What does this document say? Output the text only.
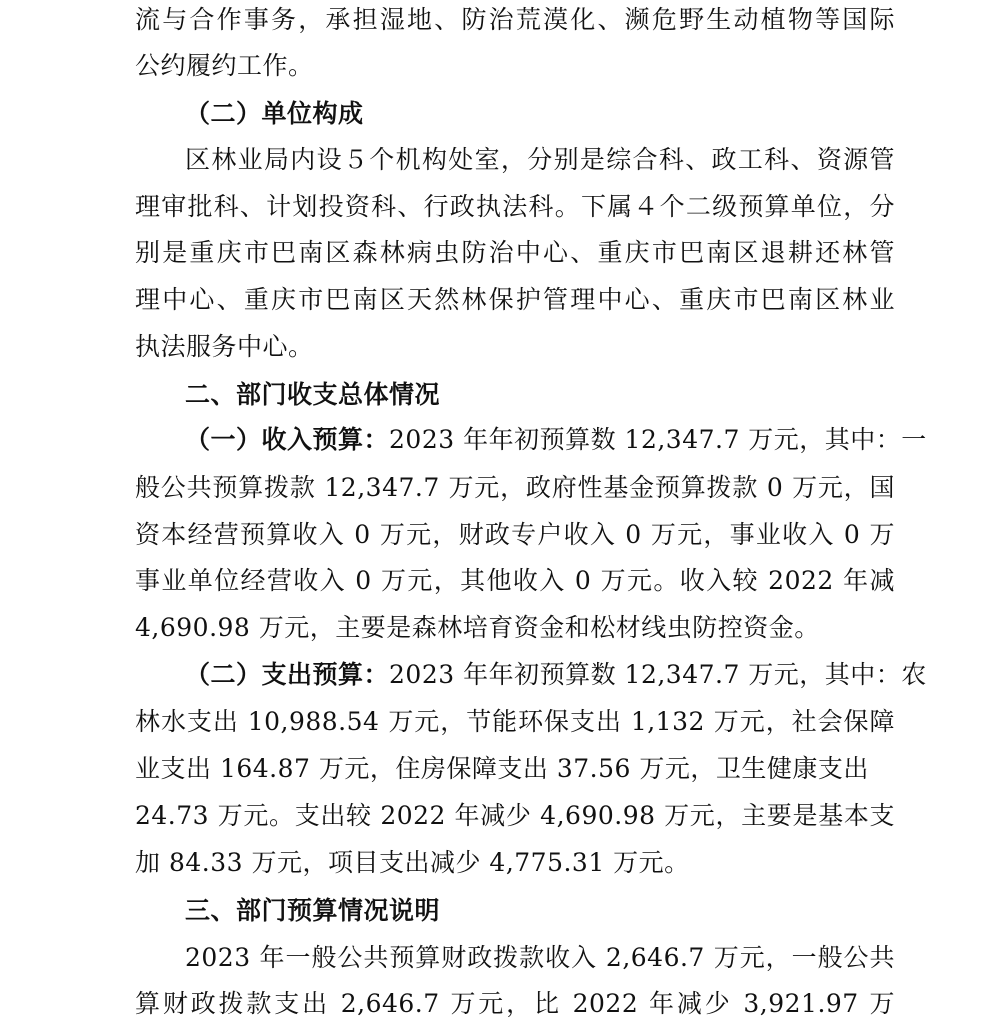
流与合作事务，承担湿地、防治荒漠化、濒危野生动植物等国际
公约履约工作。
（二）单位构成
区林业局内设５个机构处室，分别是综合科、政工科、资源管
理审批科、计划投资科、行政执法科。下属４个二级预算单位，分
别是重庆市巴南区森林病虫防治中心、重庆市巴南区退耕还林管
理中心、重庆市巴南区天然林保护管理中心、重庆市巴南区林业
执法服务中心。
二、部门收支总体情况
（一）收入预算：2023 年年初预算数 12,347.7 万元，其中：一
般公共预算拨款 12,347.7 万元，政府性基金预算拨款 0 万元，国
资本经营预算收入 0 万元，财政专户收入 0 万元，事业收入 0 万
事业单位经营收入 0 万元，其他收入 0 万元。收入较 2022 年减
4,690.98 万元，主要是森林培育资金和松材线虫防控资金。
（二）支出预算：2023 年年初预算数 12,347.7 万元，其中：农
林水支出 10,988.54 万元，节能环保支出 1,132 万元，社会保障
业支出 164.87 万元，住房保障支出 37.56 万元，卫生健康支出
24.73 万元。支出较 2022 年减少 4,690.98 万元，主要是基本支
加 84.33 万元，项目支出减少 4,775.31 万元。
三、部门预算情况说明
2023 年一般公共预算财政拨款收入 2,646.7 万元，一般公共
算财政拨款支出 2,646.7 万元，比 2022 年减少 3,921.97 万
